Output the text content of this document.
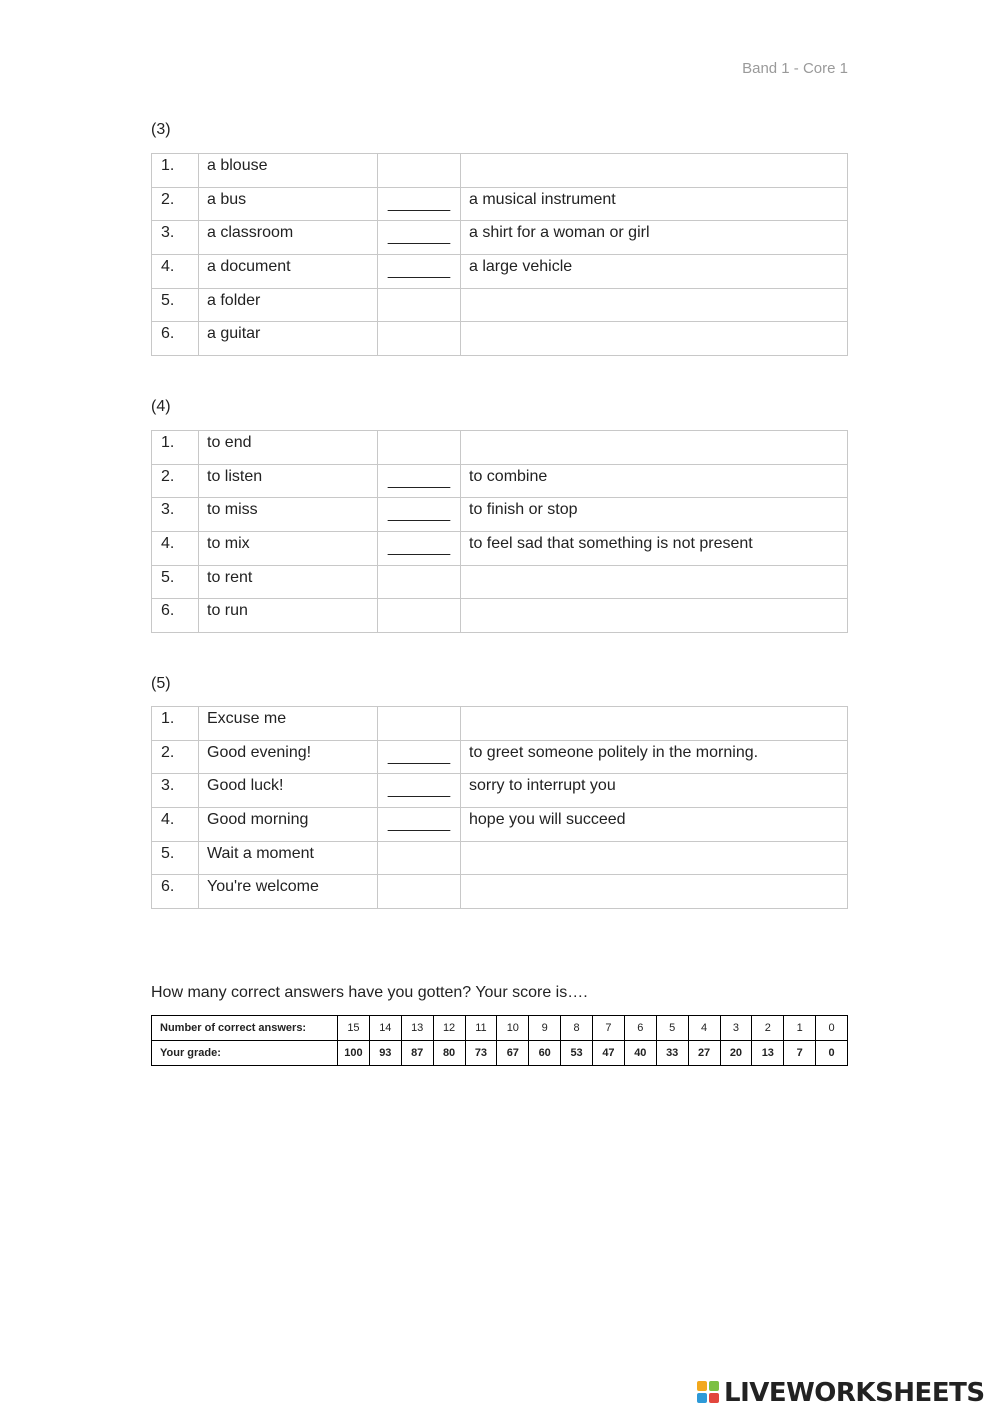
Band 1 - Core 1
(3)
1.	a blouse		
2.	a bus	_______	a musical instrument
3.	a classroom	_______	a shirt for a woman or girl
4.	a document	_______	a large vehicle
5.	a folder		
6.	a guitar		
(4)
1.	to end		
2.	to listen	_______	to combine
3.	to miss	_______	to finish or stop
4.	to mix	_______	to feel sad that something is not present
5.	to rent		
6.	to run		
(5)
1.	Excuse me		
2.	Good evening!	_______	to greet someone politely in the morning.
3.	Good luck!	_______	sorry to interrupt you
4.	Good morning	_______	hope you will succeed
5.	Wait a moment		
6.	You're welcome		
How many correct answers have you gotten? Your score is….
Number of correct answers:	15	14	13	12	11	10	9	8	7	6	5	4	3	2	1	0
Your grade:	100	93	87	80	73	67	60	53	47	40	33	27	20	13	7	0
LIVEWORKSHEETS
